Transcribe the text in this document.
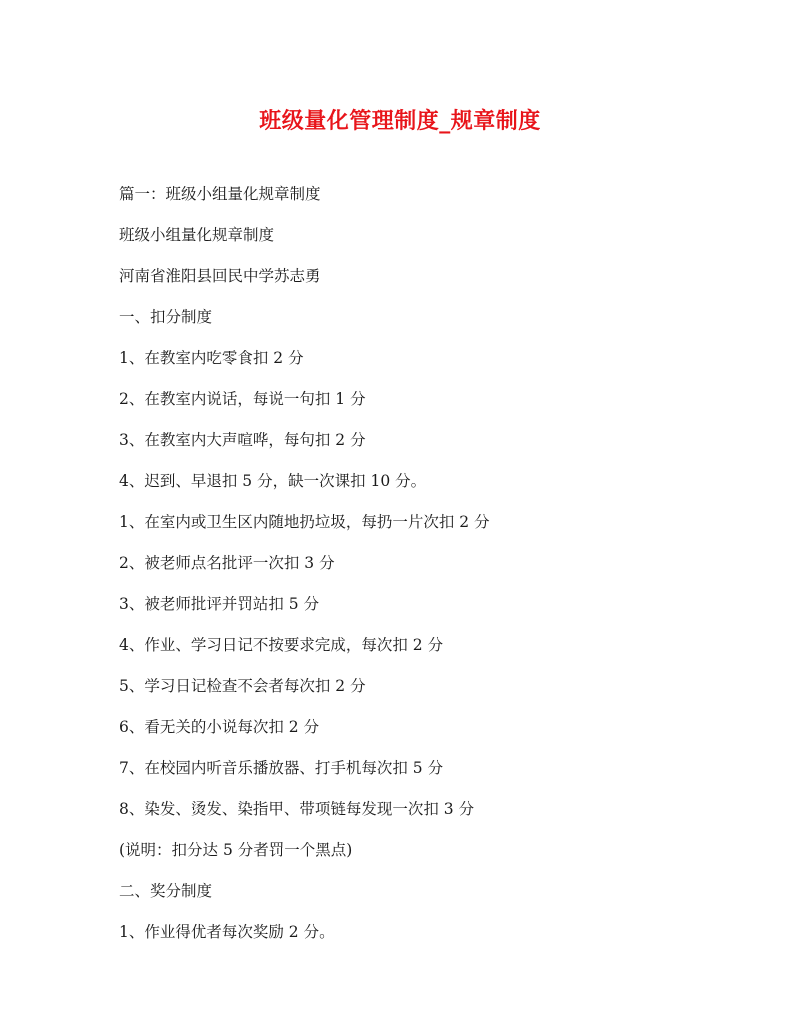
班级量化管理制度_规章制度
篇一：班级小组量化规章制度
班级小组量化规章制度
河南省淮阳县回民中学苏志勇
一、扣分制度
1、在教室内吃零食扣 2 分
2、在教室内说话，每说一句扣 1 分
3、在教室内大声喧哗，每句扣 2 分
4、迟到、早退扣 5 分，缺一次课扣 10 分。
1、在室内或卫生区内随地扔垃圾，每扔一片次扣 2 分
2、被老师点名批评一次扣 3 分
3、被老师批评并罚站扣 5 分
4、作业、学习日记不按要求完成，每次扣 2 分
5、学习日记检查不会者每次扣 2 分
6、看无关的小说每次扣 2 分
7、在校园内听音乐播放器、打手机每次扣 5 分
8、染发、烫发、染指甲、带项链每发现一次扣 3 分
(说明：扣分达 5 分者罚一个黑点)
二、奖分制度
1、作业得优者每次奖励 2 分。
